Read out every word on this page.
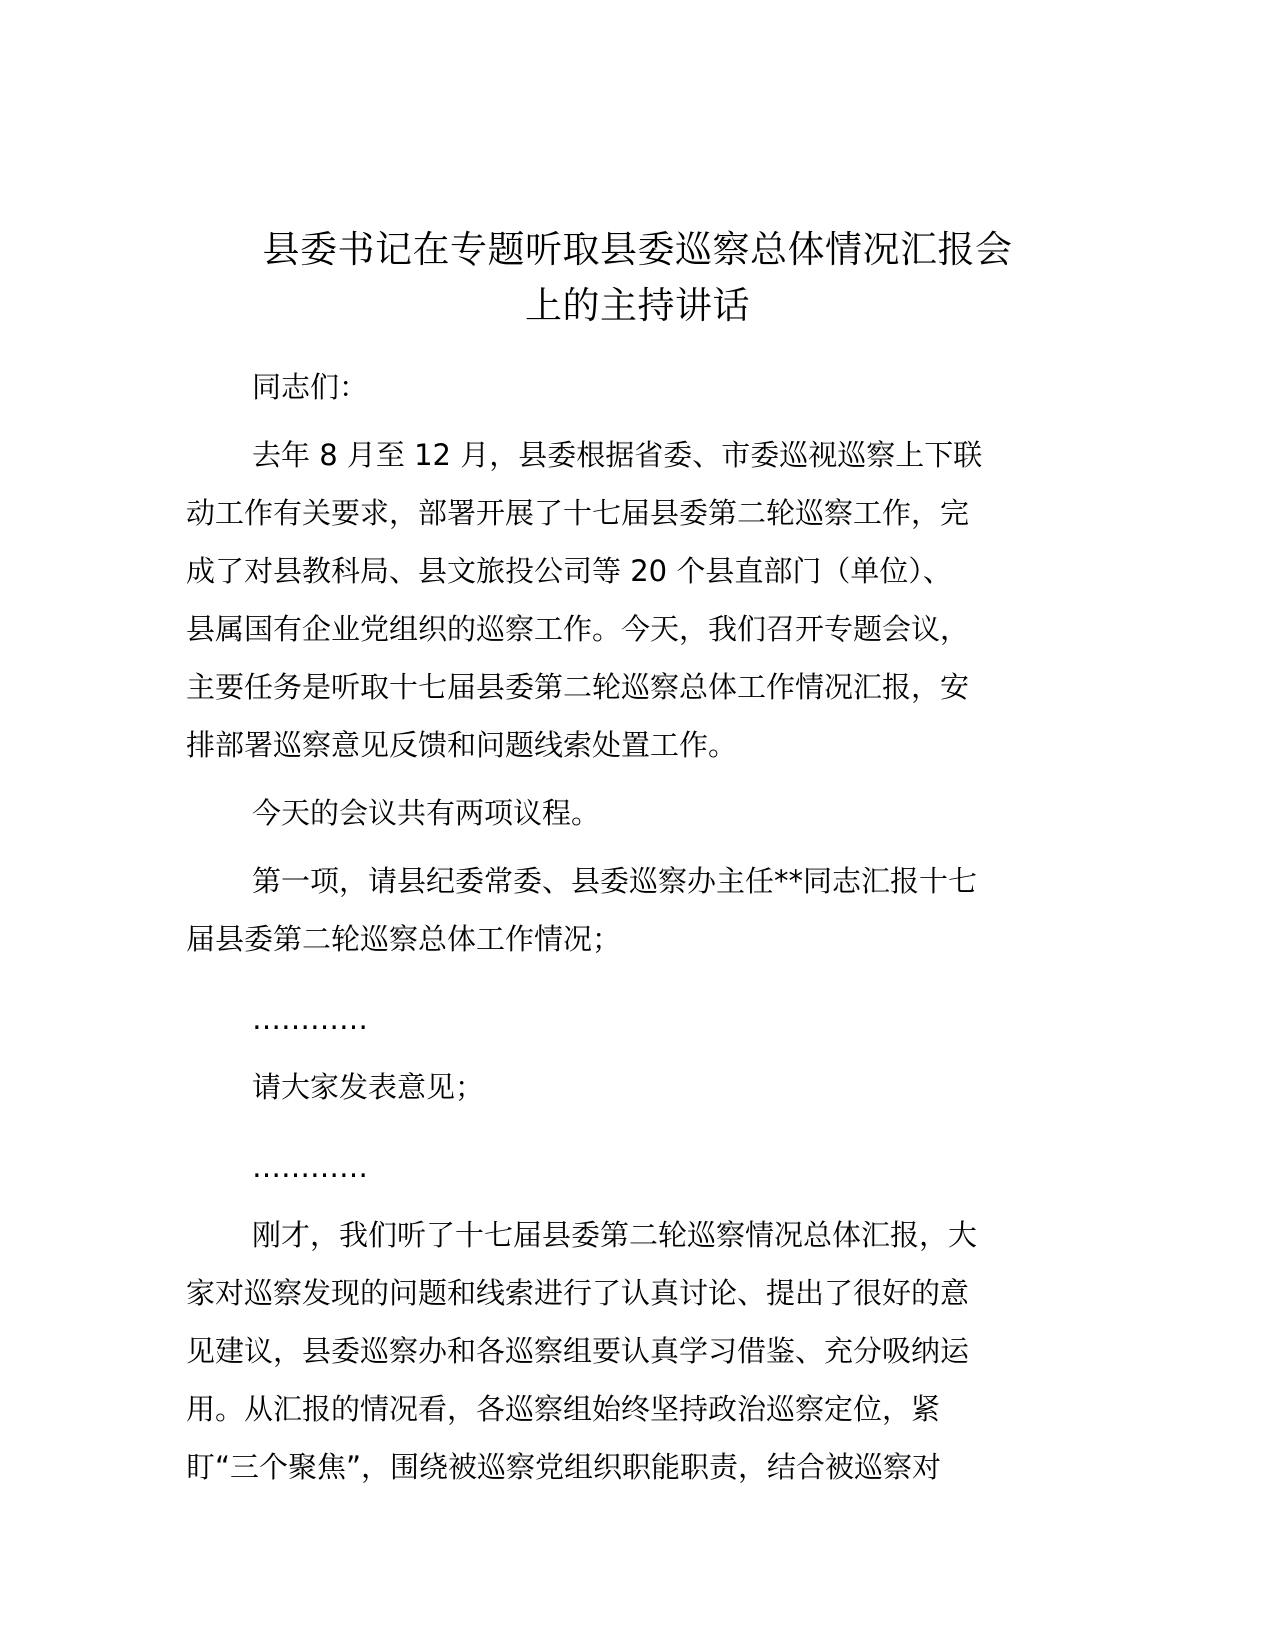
县委书记在专题听取县委巡察总体情况汇报会
上的主持讲话
同志们：
去年 8 月至 12 月，县委根据省委、市委巡视巡察上下联
动工作有关要求，部署开展了十七届县委第二轮巡察工作，完
成了对县教科局、县文旅投公司等 20 个县直部门（单位）、
县属国有企业党组织的巡察工作。今天，我们召开专题会议，
主要任务是听取十七届县委第二轮巡察总体工作情况汇报，安
排部署巡察意见反馈和问题线索处置工作。
今天的会议共有两项议程。
第一项，请县纪委常委、县委巡察办主任**同志汇报十七
届县委第二轮巡察总体工作情况；
…………
请大家发表意见；
…………
刚才，我们听了十七届县委第二轮巡察情况总体汇报，大
家对巡察发现的问题和线索进行了认真讨论、提出了很好的意
见建议，县委巡察办和各巡察组要认真学习借鉴、充分吸纳运
用。从汇报的情况看，各巡察组始终坚持政治巡察定位，紧
盯“三个聚焦”，围绕被巡察党组织职能职责，结合被巡察对
